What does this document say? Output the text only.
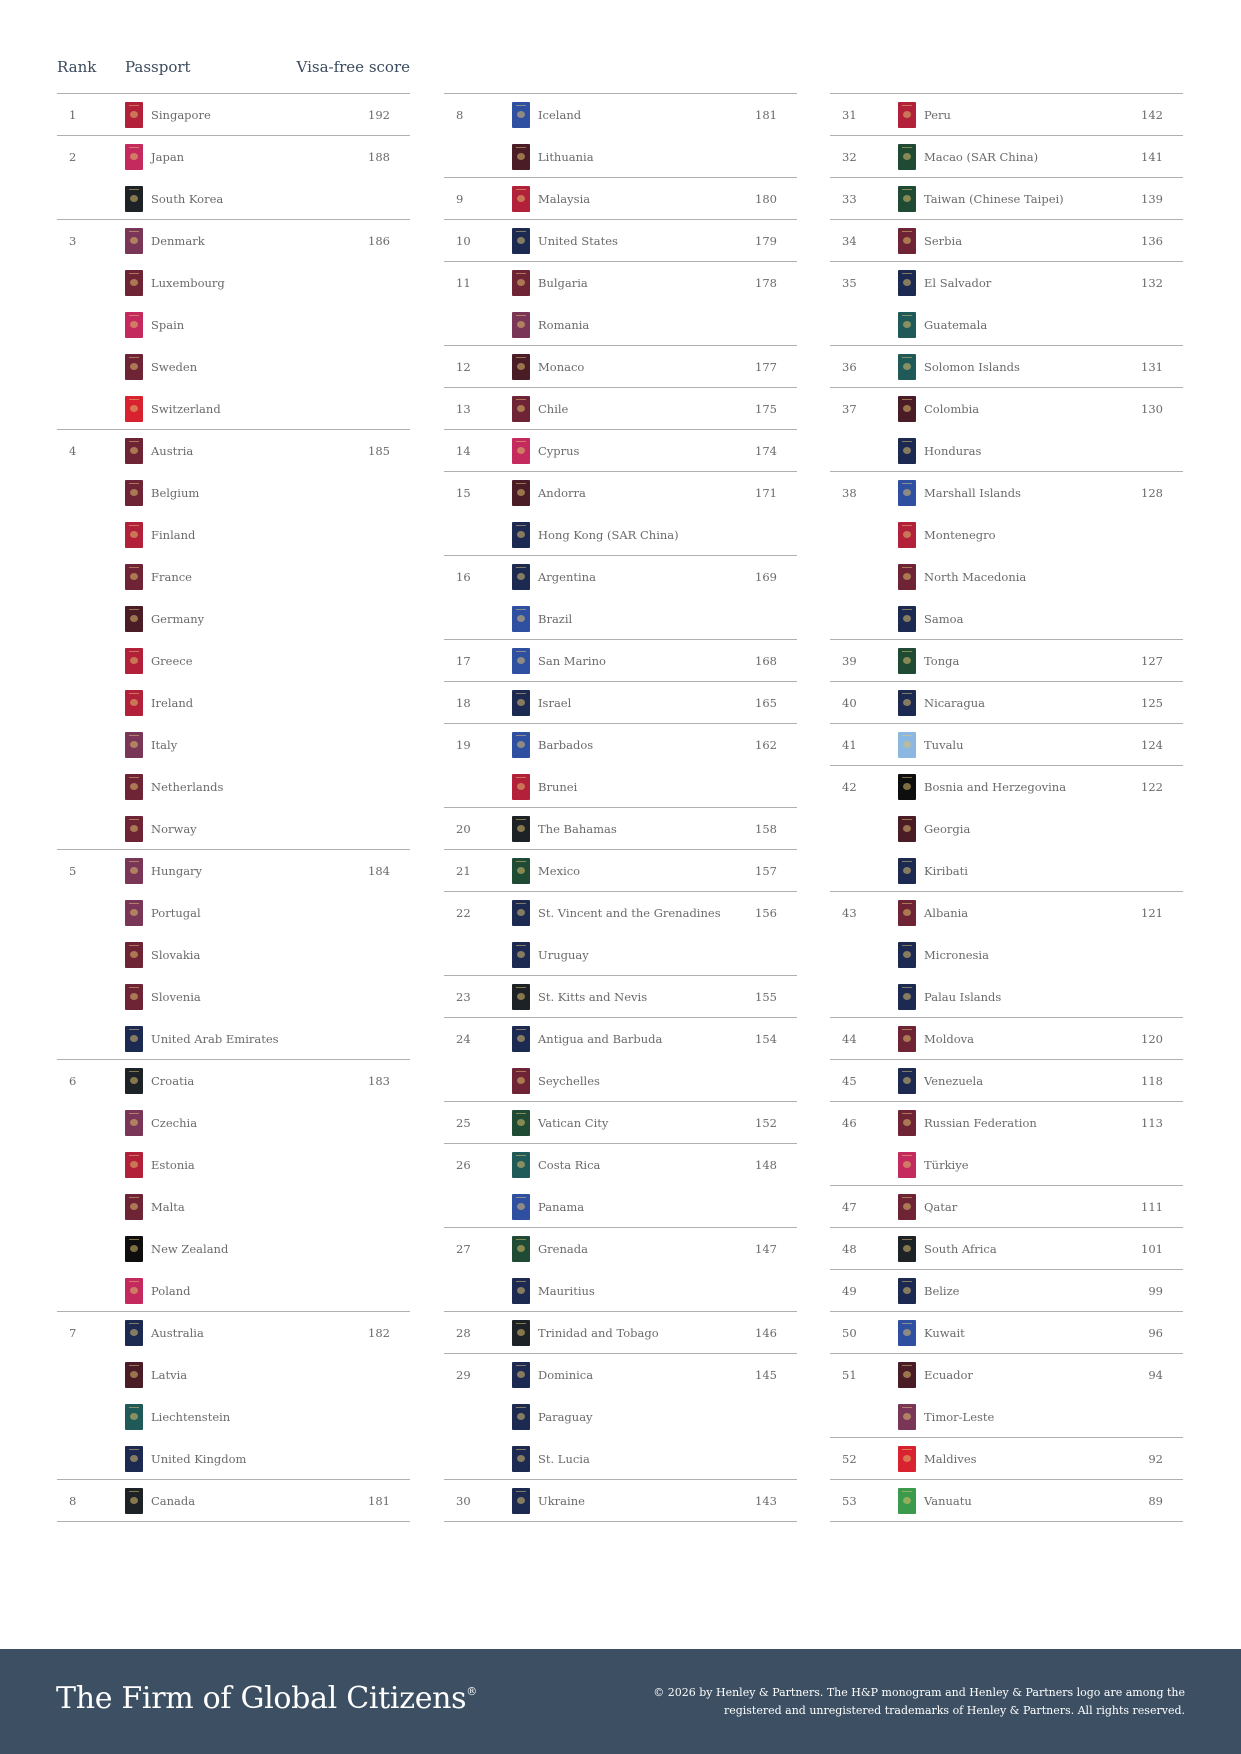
Rank Passport	Visa-free score
1	Singapore	192
2	Japan	188
South Korea
3	Denmark	186
Luxembourg
Spain
Sweden
Switzerland
4	Austria	185
Belgium
Finland
France
Germany
Greece
Ireland
Italy
Netherlands
Norway
5	Hungary	184
Portugal
Slovakia
Slovenia
United Arab Emirates
6	Croatia	183
Czechia
Estonia
Malta
New Zealand
Poland
7	Australia	182
Latvia
Liechtenstein
United Kingdom
8	Canada	181
8	Iceland	181
Lithuania
9	Malaysia	180
10	United States	179
11	Bulgaria	178
Romania
12	Monaco	177
13	Chile	175
14	Cyprus	174
15	Andorra	171
Hong Kong (SAR China)
16	Argentina	169
Brazil
17	San Marino	168
18	Israel	165
19	Barbados	162
Brunei
20	The Bahamas	158
21	Mexico	157
22	St. Vincent and the Grenadines	156
Uruguay
23	St. Kitts and Nevis	155
24	Antigua and Barbuda	154
Seychelles
25	Vatican City	152
26	Costa Rica	148
Panama
27	Grenada	147
Mauritius
28	Trinidad and Tobago	146
29	Dominica	145
Paraguay
St. Lucia
30	Ukraine	143
31	Peru	142
32	Macao (SAR China)	141
33	Taiwan (Chinese Taipei)	139
34	Serbia	136
35	El Salvador	132
Guatemala
36	Solomon Islands	131
37	Colombia	130
Honduras
38	Marshall Islands	128
Montenegro
North Macedonia
Samoa
39	Tonga	127
40	Nicaragua	125
41	Tuvalu	124
42	Bosnia and Herzegovina	122
Georgia
Kiribati
43	Albania	121
Micronesia
Palau Islands
44	Moldova	120
45	Venezuela	118
46	Russian Federation	113
Türkiye
47	Qatar	111
48	South Africa	101
49	Belize	99
50	Kuwait	96
51	Ecuador	94
Timor-Leste
52	Maldives	92
53	Vanuatu	89
The Firm of Global Citizens®	© 2026 by Henley & Partners. The H&P monogram and Henley & Partners logo are among the
registered and unregistered trademarks of Henley & Partners. All rights reserved.
